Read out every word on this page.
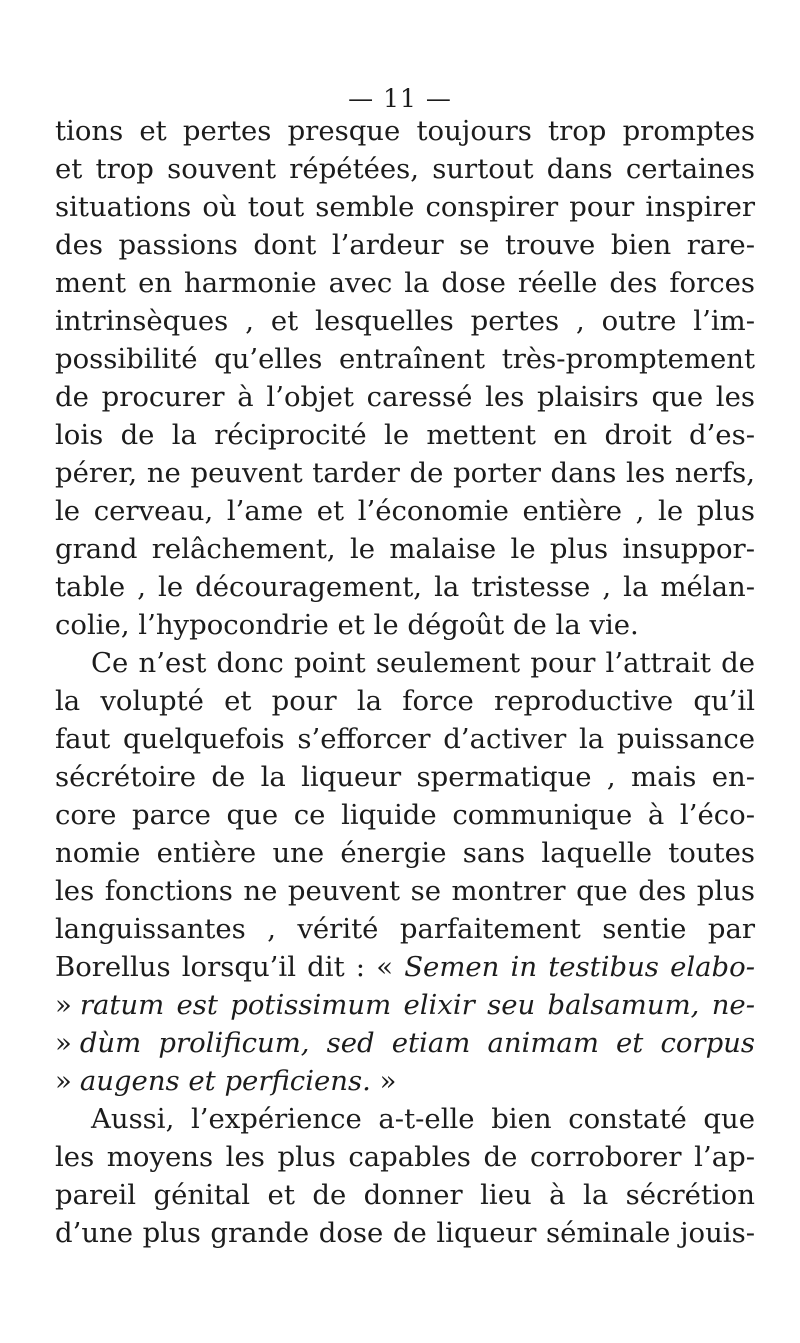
— 11 —
tions et pertes presque toujours trop promptes
et trop souvent répétées, surtout dans certaines
situations où tout semble conspirer pour inspirer
des passions dont l’ardeur se trouve bien rare-
ment en harmonie avec la dose réelle des forces
intrinsèques , et lesquelles pertes , outre l’im-
possibilité qu’elles entraînent très-promptement
de procurer à l’objet caressé les plaisirs que les
lois de la réciprocité le mettent en droit d’es-
pérer, ne peuvent tarder de porter dans les nerfs,
le cerveau, l’ame et l’économie entière , le plus
grand relâchement, le malaise le plus insuppor-
table , le découragement, la tristesse , la mélan-
colie, l’hypocondrie et le dégoût de la vie.
Ce n’est donc point seulement pour l’attrait de
la volupté et pour la force reproductive qu’il
faut quelquefois s’efforcer d’activer la puissance
sécrétoire de la liqueur spermatique , mais en-
core parce que ce liquide communique à l’éco-
nomie entière une énergie sans laquelle toutes
les fonctions ne peuvent se montrer que des plus
languissantes , vérité parfaitement sentie par
Borellus lorsqu’il dit : « Semen in testibus elabo-
» ratum est potissimum elixir seu balsamum, ne-
» dùm prolificum, sed etiam animam et corpus
» augens et perficiens. »
Aussi, l’expérience a-t-elle bien constaté que
les moyens les plus capables de corroborer l’ap-
pareil génital et de donner lieu à la sécrétion
d’une plus grande dose de liqueur séminale jouis-
